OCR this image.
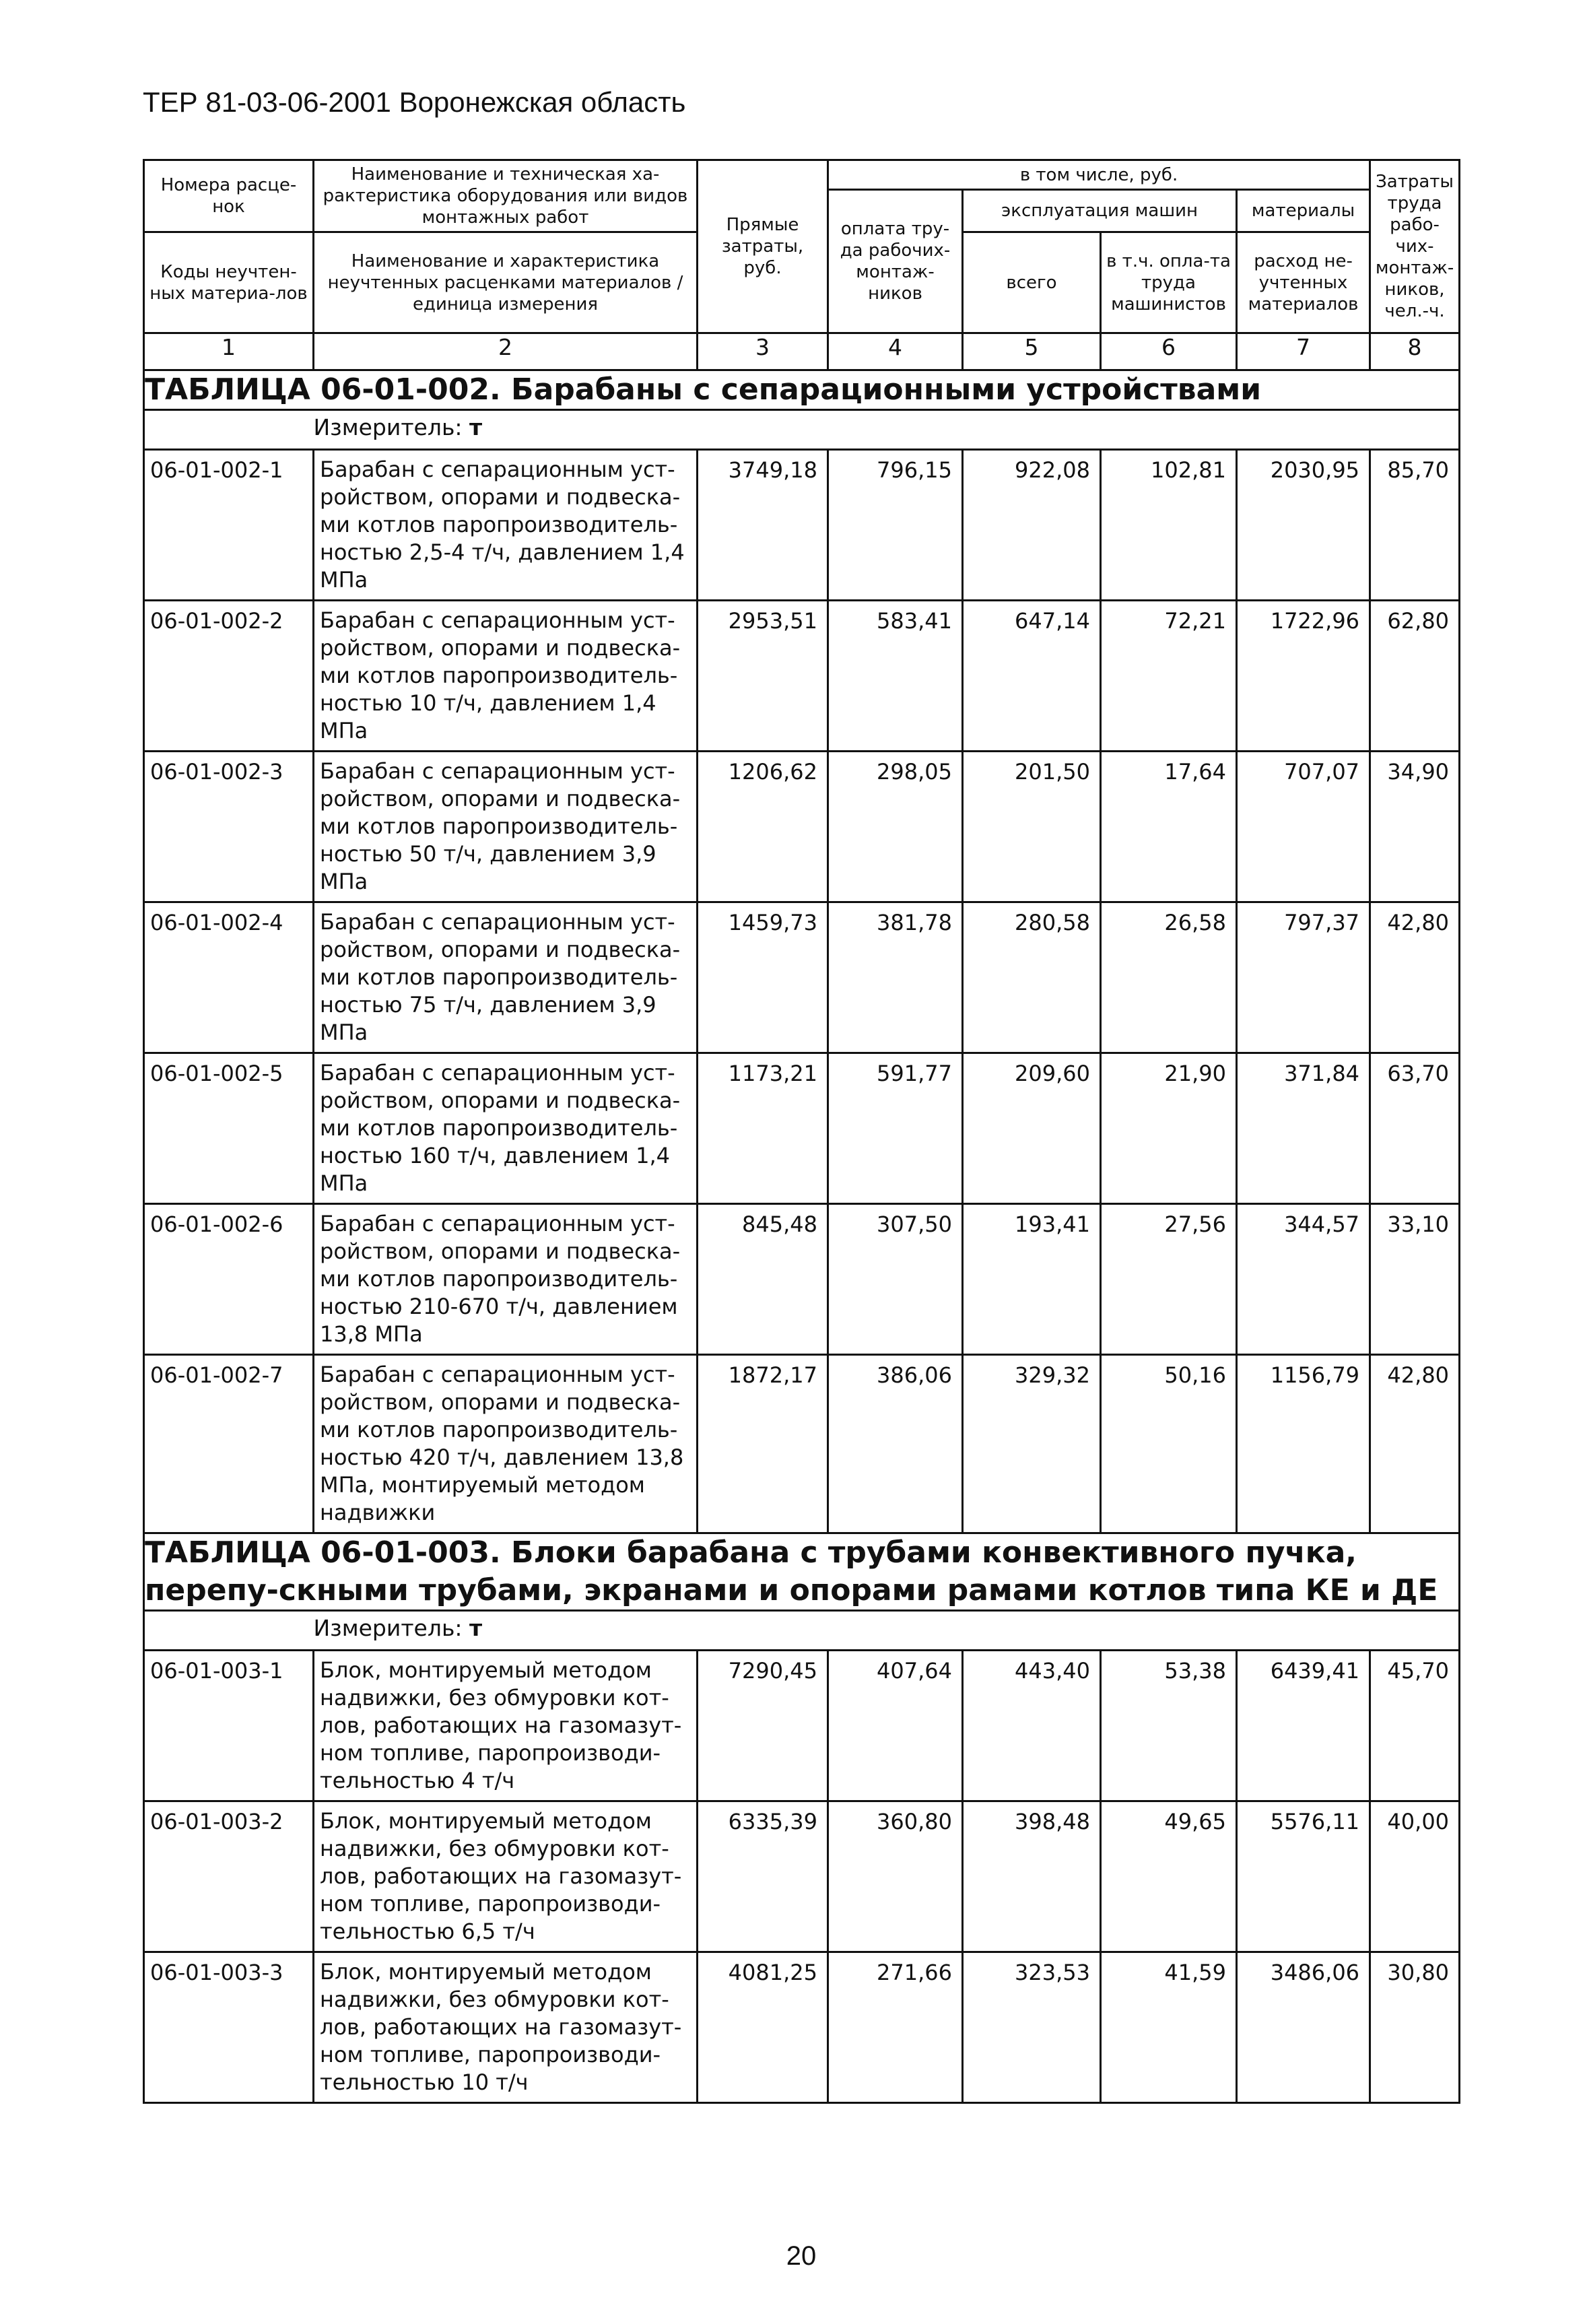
ТЕР 81-03-06-2001 Воронежская область
Номера расце-нок	Наименование и техническая ха-рактеристика оборудования или видов монтажных работ	Прямые затраты, руб.	в том числе, руб.				Затраты труда рабо-чих-монтаж-ников, чел.-ч.
			оплата тру-да рабочих-монтаж-ников	эксплуатация машин		материалы	
Коды неучтен-ных материа-лов	Наименование и характеристика неучтенных расценками материалов / единица измерения			всего	в т.ч. опла-та труда машинистов	расход не-учтенных материалов	

1	2	3	4	5	6	7	8
ТАБЛИЦА 06-01-002. Барабаны с сепарационными устройствами							
	Измеритель: т						
06-01-002-1	Барабан с сепарационным уст-ройством, опорами и подвеска-ми котлов паропроизводитель-ностью 2,5-4 т/ч, давлением 1,4 МПа	3749,18	796,15	922,08	102,81	2030,95	85,70
06-01-002-2	Барабан с сепарационным уст-ройством, опорами и подвеска-ми котлов паропроизводитель-ностью 10 т/ч, давлением 1,4 МПа	2953,51	583,41	647,14	72,21	1722,96	62,80
06-01-002-3	Барабан с сепарационным уст-ройством, опорами и подвеска-ми котлов паропроизводитель-ностью 50 т/ч, давлением 3,9 МПа	1206,62	298,05	201,50	17,64	707,07	34,90
06-01-002-4	Барабан с сепарационным уст-ройством, опорами и подвеска-ми котлов паропроизводитель-ностью 75 т/ч, давлением 3,9 МПа	1459,73	381,78	280,58	26,58	797,37	42,80
06-01-002-5	Барабан с сепарационным уст-ройством, опорами и подвеска-ми котлов паропроизводитель-ностью 160 т/ч, давлением 1,4 МПа	1173,21	591,77	209,60	21,90	371,84	63,70
06-01-002-6	Барабан с сепарационным уст-ройством, опорами и подвеска-ми котлов паропроизводитель-ностью 210-670 т/ч, давлением 13,8 МПа	845,48	307,50	193,41	27,56	344,57	33,10
06-01-002-7	Барабан с сепарационным уст-ройством, опорами и подвеска-ми котлов паропроизводитель-ностью 420 т/ч, давлением 13,8 МПа, монтируемый методом надвижки	1872,17	386,06	329,32	50,16	1156,79	42,80
ТАБЛИЦА 06-01-003. Блоки барабана с трубами конвективного пучка, перепу-скными трубами, экранами и опорами рамами котлов типа КЕ и ДЕ							
	Измеритель: т						
06-01-003-1	Блок, монтируемый методом надвижки, без обмуровки кот-лов, работающих на газомазут-ном топливе, паропроизводи-тельностью 4 т/ч	7290,45	407,64	443,40	53,38	6439,41	45,70
06-01-003-2	Блок, монтируемый методом надвижки, без обмуровки кот-лов, работающих на газомазут-ном топливе, паропроизводи-тельностью 6,5 т/ч	6335,39	360,80	398,48	49,65	5576,11	40,00
06-01-003-3	Блок, монтируемый методом надвижки, без обмуровки кот-лов, работающих на газомазут-ном топливе, паропроизводи-тельностью 10 т/ч	4081,25	271,66	323,53	41,59	3486,06	30,80
20
